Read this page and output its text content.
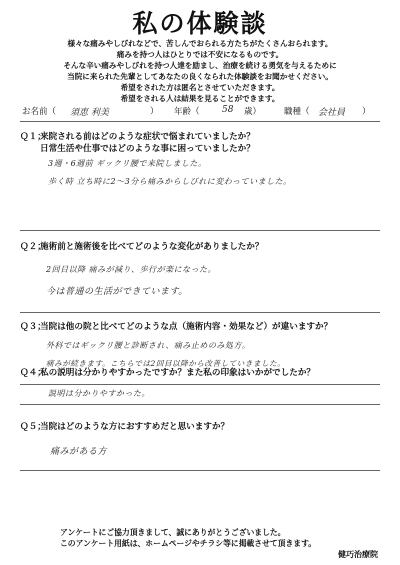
私の体験談
様々な痛みやしびれなどで、苦しんでおられる方たちがたくさんおられます。
痛みを持つ人はひとりでは不安になるものです。
そんな辛い痛みやしびれを持つ人達を励まし、治療を続ける勇気を与えるために
当院に来られた先輩としてあなたの良くなられた体験談をお聞かせください。
希望をされた方は匿名とさせていただきます。
希望をされる人は結果を見ることができます。
お名前（ 須恵 利美	） 年齢（ 58 歳）	職種（ 会社員 ）
Ｑ１；来院される前はどのような症状で悩まれていましたか？
日常生活や仕事ではどのような事に困っていましたか？
3週・6週前 ギックリ腰で来院しました。
歩く時 立ち時に2～3分ら痛みからしびれに変わっていました。
Ｑ２；施術前と施術後を比べてどのような変化がありましたか？
2回目以降 痛みが減り、歩行が楽になった。
今は普通の生活ができています。
Ｑ３；当院は他の院と比べてどのような点（施術内容・効果など）が違いますか？
外科ではギックリ腰と診断され、痛み止めのみ処方。
痛みが続きます。こちらでは2回目以降から改善していきました。
Ｑ４；私の説明は分かりやすかったですか？また私の印象はいかがでしたか？
説明は分かりやすかった。
Ｑ５；当院はどのような方におすすめだと思いますか？
痛みがある方
アンケートにご協力頂きまして、誠にありがとうございました。
このアンケート用紙は、ホームページやチラシ等に掲載させて頂きます。
健巧治療院
